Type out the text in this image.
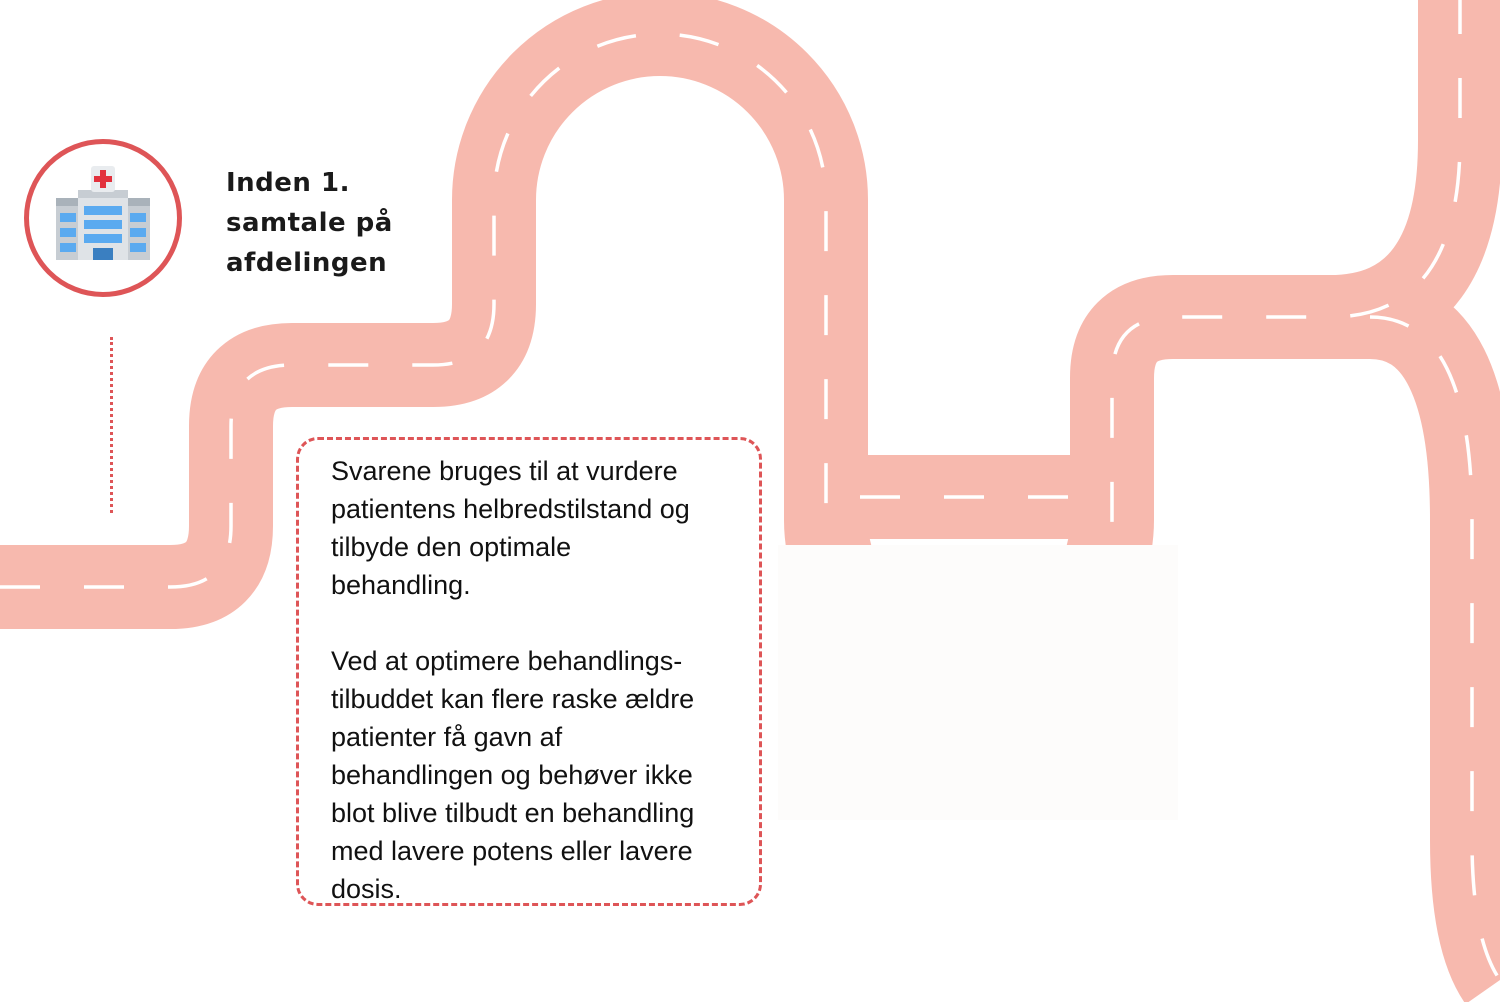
Inden 1.
samtale på
afdelingen

Svarene bruges til at vurdere
patientens helbredstilstand og
tilbyde den optimale
behandling.

Ved at optimere behandlings-
tilbuddet kan flere raske ældre
patienter få gavn af
behandlingen og behøver ikke
blot blive tilbudt en behandling
med lavere potens eller lavere
dosis.
